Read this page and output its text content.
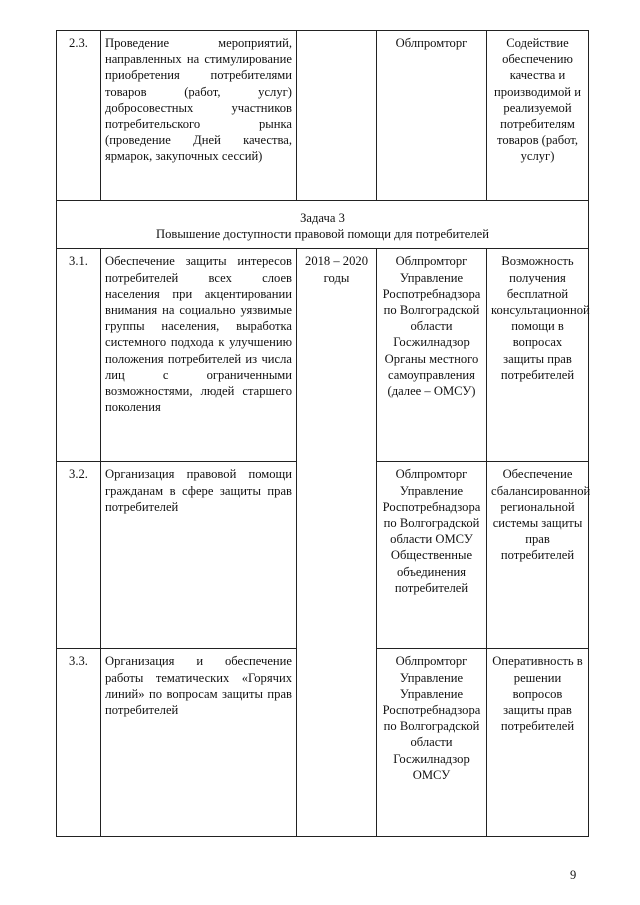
2.3.	Проведение мероприятий, направленных на стимулирование приобретения потребителями товаров (работ, услуг) добросовестных участников потребительского рынка (проведение Дней качества, ярмарок, закупочных сессий)		Облпромторг	Содействие обеспечению качества и производимой и реализуемой потребителям товаров (работ, услуг)

Задача 3
Повышение доступности правовой помощи для потребителей				

3.1.	Обеспечение защиты интересов потребителей всех слоев населения при акцентировании внимания на социально уязвимые группы населения, выработка системного подхода к улучшению положения потребителей из числа лиц с ограниченными возможностями, людей старшего поколения	2018 – 2020 годы	Облпромторг Управление Роспотребнадзора по Волгоградской области Госжилнадзор Органы местного самоуправления (далее – ОМСУ)	Возможность получения бесплатной консультационной помощи в вопросах защиты прав потребителей
3.2.	Организация правовой помощи гражданам в сфере защиты прав потребителей		Облпромторг Управление Роспотребнадзора по Волгоградской области ОМСУ Общественные объединения потребителей	Обеспечение сбалансированной региональной системы защиты прав потребителей
3.3.	Организация и обеспечение работы тематических «Горячих линий» по вопросам защиты прав потребителей		Облпромторг Управление Управление Роспотребнадзора по Волгоградской области Госжилнадзор ОМСУ	Оперативность в решении вопросов защиты прав потребителей
9
